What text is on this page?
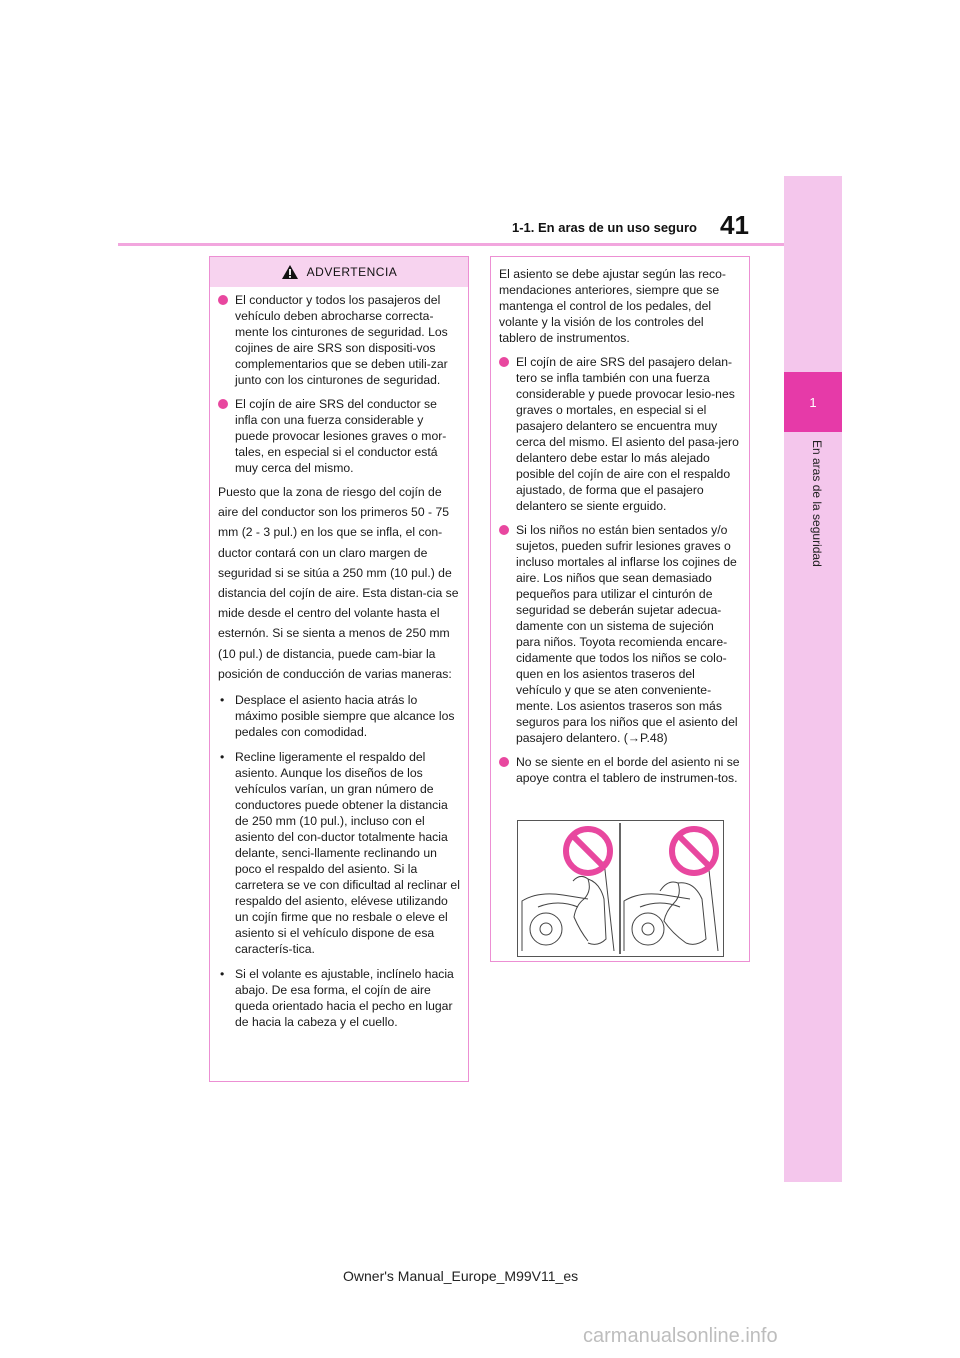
1
En aras de la seguridad
1-1. En aras de un uso seguro 41
ADVERTENCIA
El conductor y todos los pasajeros del vehículo deben abrocharse correcta-mente los cinturones de seguridad. Los cojines de aire SRS son dispositi-vos complementarios que se deben utili-zar junto con los cinturones de seguridad.
El cojín de aire SRS del conductor se infla con una fuerza considerable y puede provocar lesiones graves o mor-tales, en especial si el conductor está muy cerca del mismo.
Puesto que la zona de riesgo del cojín de aire del conductor son los primeros 50 - 75 mm (2 - 3 pul.) en los que se infla, el con-ductor contará con un claro margen de seguridad si se sitúa a 250 mm (10 pul.) de distancia del cojín de aire. Esta distan-cia se mide desde el centro del volante hasta el esternón. Si se sienta a menos de 250 mm (10 pul.) de distancia, puede cam-biar la posición de conducción de varias maneras:
• Desplace el asiento hacia atrás lo máximo posible siempre que alcance los pedales con comodidad.
• Recline ligeramente el respaldo del asiento. Aunque los diseños de los vehículos varían, un gran número de conductores puede obtener la distancia de 250 mm (10 pul.), incluso con el asiento del con-ductor totalmente hacia delante, senci-llamente reclinando un poco el respaldo del asiento. Si la carretera se ve con dificultad al reclinar el respaldo del asiento, elévese utilizando un cojín firme que no resbale o eleve el asiento si el vehículo dispone de esa caracterís-tica.
• Si el volante es ajustable, inclínelo hacia abajo. De esa forma, el cojín de aire queda orientado hacia el pecho en lugar de hacia la cabeza y el cuello.
El asiento se debe ajustar según las reco-mendaciones anteriores, siempre que se mantenga el control de los pedales, del volante y la visión de los controles del tablero de instrumentos.
El cojín de aire SRS del pasajero delan-tero se infla también con una fuerza considerable y puede provocar lesio-nes graves o mortales, en especial si el pasajero delantero se encuentra muy cerca del mismo. El asiento del pasa-jero delantero debe estar lo más alejado posible del cojín de aire con el respaldo ajustado, de forma que el pasajero delantero se siente erguido.
Si los niños no están bien sentados y/o sujetos, pueden sufrir lesiones graves o incluso mortales al inflarse los cojines de aire. Los niños que sean demasiado pequeños para utilizar el cinturón de seguridad se deberán sujetar adecua-damente con un sistema de sujeción para niños. Toyota recomienda encare-cidamente que todos los niños se colo-quen en los asientos traseros del vehículo y que se aten conveniente-mente. Los asientos traseros son más seguros para los niños que el asiento del pasajero delantero. (→P.48)
No se siente en el borde del asiento ni se apoye contra el tablero de instrumen-tos.
Owner's Manual_Europe_M99V11_es
carmanualsonline.info
